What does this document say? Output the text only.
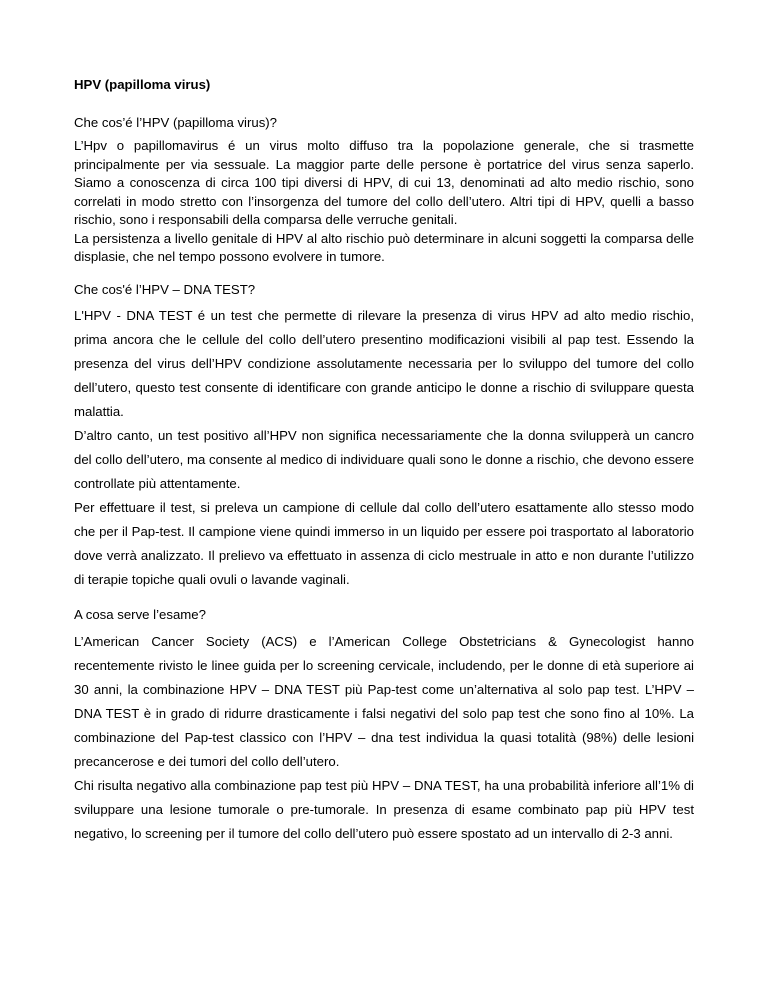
HPV (papilloma virus)

Che cos’é l’HPV (papilloma virus)?

L’Hpv o papillomavirus é un virus molto diffuso tra la popolazione generale, che si trasmette principalmente per via sessuale. La maggior parte delle persone è portatrice del virus senza saperlo. Siamo a conoscenza di circa 100 tipi diversi di HPV, di cui 13, denominati ad alto medio rischio, sono correlati in modo stretto con l’insorgenza del tumore del collo dell’utero. Altri tipi di HPV, quelli a basso rischio, sono i responsabili della comparsa delle verruche genitali.

La persistenza a livello genitale di HPV al alto rischio può determinare in alcuni soggetti la comparsa delle displasie, che nel tempo possono evolvere in tumore.

Che cos'é l’HPV – DNA TEST?

L'HPV - DNA TEST é un test che permette di rilevare la presenza di virus HPV ad alto medio rischio, prima ancora che le cellule del collo dell’utero presentino modificazioni visibili al pap test. Essendo la presenza del virus dell’HPV condizione assolutamente necessaria per lo sviluppo del tumore del collo dell’utero, questo test consente di identificare con grande anticipo le donne a rischio di sviluppare questa malattia.

D’altro canto, un test positivo all’HPV non significa necessariamente che la donna svilupperà un cancro del collo dell’utero, ma consente al medico di individuare quali sono le donne a rischio, che devono essere controllate più attentamente.

Per effettuare il test, si preleva un campione di cellule dal collo dell’utero esattamente allo stesso modo che per il Pap-test. Il campione viene quindi immerso in un liquido per essere poi trasportato al laboratorio dove verrà analizzato. Il prelievo va effettuato in assenza di ciclo mestruale in atto e non durante l’utilizzo di terapie topiche quali ovuli o lavande vaginali.

A cosa serve l’esame?

L’American Cancer Society (ACS) e l’American College Obstetricians & Gynecologist hanno recentemente rivisto le linee guida per lo screening cervicale, includendo, per le donne di età superiore ai 30 anni, la combinazione HPV – DNA TEST più Pap-test come un’alternativa al solo pap test. L’HPV – DNA TEST è in grado di ridurre drasticamente i falsi negativi del solo pap test che sono fino al 10%. La combinazione del Pap-test classico con l’HPV – dna test individua la quasi totalità (98%) delle lesioni precancerose e dei tumori del collo dell’utero.

Chi risulta negativo alla combinazione pap test più HPV – DNA TEST, ha una probabilità inferiore all’1% di sviluppare una lesione tumorale o pre-tumorale. In presenza di esame combinato pap più HPV test negativo, lo screening per il tumore del collo dell’utero può essere spostato ad un intervallo di 2-3 anni.
